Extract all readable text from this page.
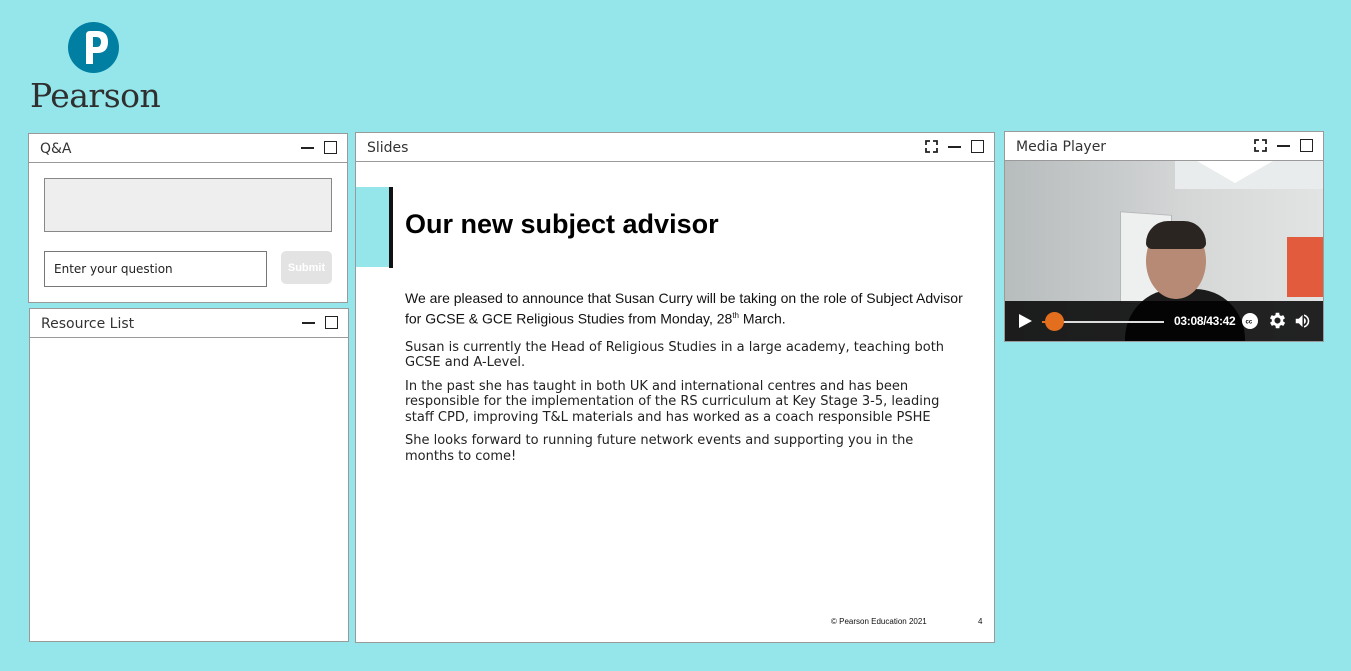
Pearson
Q&A
Enter your question
Submit
Resource List
Slides
Our new subject advisor

We are pleased to announce that Susan Curry will be taking on the role of Subject Advisor for GCSE & GCE Religious Studies from Monday, 28th March.

Susan is currently the Head of Religious Studies in a large academy, teaching both GCSE and A-Level.

In the past she has taught in both UK and international centres and has been responsible for the implementation of the RS curriculum at Key Stage 3-5, leading staff CPD, improving T&L materials and has worked as a coach responsible PSHE

She looks forward to running future network events and supporting you in the months to come!

© Pearson Education 2021	4
Media Player
03:08/43:42 cc
